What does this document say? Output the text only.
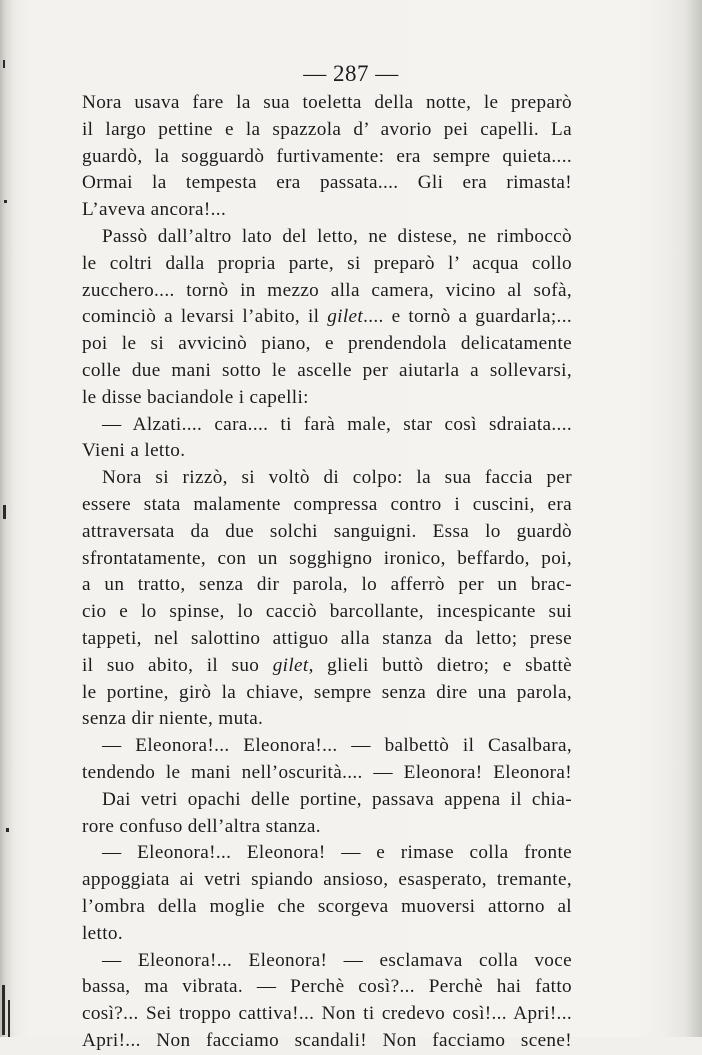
— 287 —
Nora usava fare la sua toeletta della notte, le preparò
il largo pettine e la spazzola d’ avorio pei capelli. La
guardò, la sogguardò furtivamente: era sempre quieta....
Ormai la tempesta era passata.... Gli era rimasta!
L’aveva ancora!...
Passò dall’altro lato del letto, ne distese, ne rimboccò
le coltri dalla propria parte, si preparò l’ acqua collo
zucchero.... tornò in mezzo alla camera, vicino al sofà,
cominciò a levarsi l’abito, il gilet.... e tornò a guardarla;...
poi le si avvicinò piano, e prendendola delicatamente
colle due mani sotto le ascelle per aiutarla a sollevarsi,
le disse baciandole i capelli:
— Alzati.... cara.... ti farà male, star così sdraiata....
Vieni a letto.
Nora si rizzò, si voltò di colpo: la sua faccia per
essere stata malamente compressa contro i cuscini, era
attraversata da due solchi sanguigni. Essa lo guardò
sfrontatamente, con un sogghigno ironico, beffardo, poi,
a un tratto, senza dir parola, lo afferrò per un brac-
cio e lo spinse, lo cacciò barcollante, incespicante sui
tappeti, nel salottino attiguo alla stanza da letto; prese
il suo abito, il suo gilet, glieli buttò dietro; e sbattè
le portine, girò la chiave, sempre senza dire una parola,
senza dir niente, muta.
— Eleonora!... Eleonora!... — balbettò il Casalbara,
tendendo le mani nell’oscurità.... — Eleonora! Eleonora!
Dai vetri opachi delle portine, passava appena il chia-
rore confuso dell’altra stanza.
— Eleonora!... Eleonora! — e rimase colla fronte
appoggiata ai vetri spiando ansioso, esasperato, tremante,
l’ombra della moglie che scorgeva muoversi attorno al
letto.
— Eleonora!... Eleonora! — esclamava colla voce
bassa, ma vibrata. — Perchè così?... Perchè hai fatto
così?... Sei troppo cattiva!... Non ti credevo così!... Apri!...
Apri!... Non facciamo scandali! Non facciamo scene!
